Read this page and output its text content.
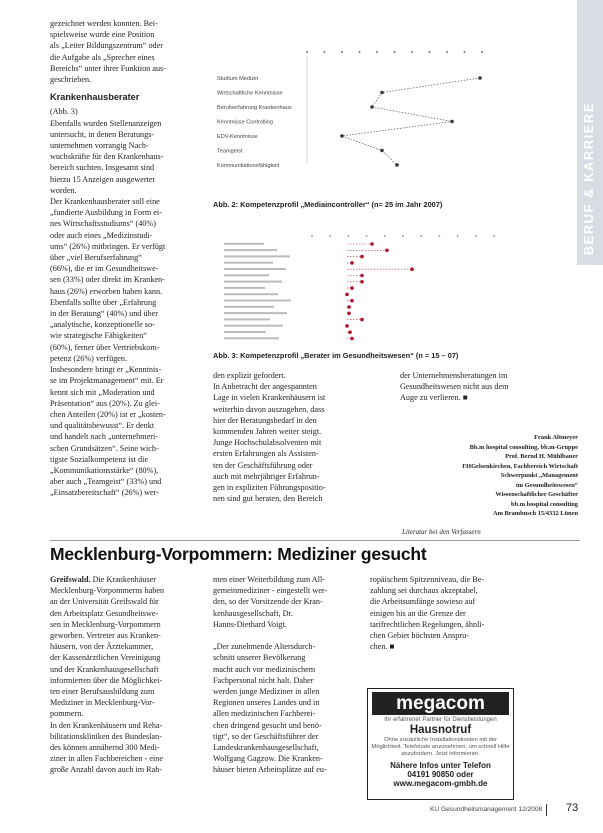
BERUF & KARRIERE
gezeichnet werden konnten. Bei-
spielsweise wurde eine Position
als „Leiter Bildungszentrum“ oder
die Aufgabe als „Sprecher eines
Bereichs“ unter ihrer Funktion aus-
geschrieben.
Krankenhausberater
(Abb. 3)
Ebenfalls wurden Stellenanzeigen
untersucht, in denen Beratungs-
unternehmen vorrangig Nach-
wuchskräfte für den Krankenhaus-
bereich suchten. Insgesamt sind
hierzu 15 Anzeigen ausgewertet
worden.
Der Krankenhausberater soll eine
„fundierte Ausbildung in Form ei-
nes Wirtschaftsstudiums“ (40%)
oder auch eines „Medizinstudi-
ums“ (26%) mitbringen. Er verfügt
über „viel Berufserfahrung“
(66%), die er im Gesundheitswe-
sen (33%) oder direkt im Kranken-
haus (26%) erworben haben kann.
Ebenfalls sollte über „Erfahrung
in der Beratung“ (40%) und über
„analytische, konzeptionelle so-
wie strategische Fähigkeiten“
(60%), ferner über Vertriebskom-
petenz (26%) verfügen.
Insbesondere bringt er „Kenntnis-
se im Projektmanagement“ mit. Er
kennt sich mit „Moderation und
Präsentation“ aus (20%). Zu glei-
chen Anteilen (20%) ist er „kosten-
und qualitätsbewusst“. Er denkt
und handelt nach „unternehmeri-
schen Grundsätzen“. Seine wich-
tigste Sozialkompetenz ist die
„Kommunikationsstärke“ (80%),
aber auch „Teamgeist“ (33%) und
„Einsatzbereitschaft“ (26%) wer-
Studium Medizin
Wirtschaftliche Kenntnisse
Berufserfahrung Krankenhaus
Kenntnisse Controlling
EDV-Kenntnisse
Teamgeist
Kommunikationsfähigkeit
Abb. 2: Kompetenzprofil „Mediaincontroller“ (n= 25 im Jahr 2007)
Abb. 3: Kompetenzprofil „Berater im Gesundheitswesen“ (n = 15 – 07)
den explizit gefordert.
In Anbetracht der angespannten
Lage in vielen Krankenhäusern ist
weiterhin davon auszugehen, dass
hier der Beratungsbedarf in den
kommenden Jahren weiter steigt.
Junge Hochschulabsolventen mit
ersten Erfahrungen als Assisten-
ten der Geschäftsführung oder
auch mit mehrjähriger Erfahrun-
gen in expliziten Führungspositio-
nen sind gut beraten, den Bereich
der Unternehmensberatungen im
Gesundheitswesen nicht aus dem
Auge zu verlieren. ■
Frank Altmeyer
Bb.m hospital consulting, bb.m-Gruppe
Prof. Bernd H. Mühlbauer
FHGelsenkirchen, Fachbereich Wirtschaft
Schwerpunkt „Management
im Gesundheitswesen“
Wissenschaftlicher Geschäfter
bb.m hospital consulting
Am Brambusch 15/4332 Lünen
Literatur bei den Verfassern
Mecklenburg-Vorpommern: Mediziner gesucht

Greifswald. Die Krankenhäuser

Mecklenburg-Vorpommerns haben
an der Universität Greifswald für
den Arbeitsplatz Gesundheitswe-
sen in Mecklenburg-Vorpommern
geworben. Vertreter aus Kranken-
häusern, von der Ärztekammer,
der Kassenärztlichen Vereinigung
und der Krankenhausgesellschaft
informierten über die Möglichkei-
ten einer Berufsausbildung zum
Mediziner in Mecklenburg-Vor-
pommern.
In den Krankenhäusern und Reha-
bilitationskliniken des Bundeslan-
des können annähernd 300 Medi-
ziner in allen Fachbereichen - eine
große Anzahl davon auch im Rah-
men einer Weiterbildung zum All-
gemeinmediziner - eingestellt wer-
den, so der Vorsitzende der Kran-
kenhausgesellschaft, Dr.
Hanns-Diethard Voigt.

„Der zunehmende Altersdurch-
schnitt unserer Bevölkerung
macht auch vor medizinischem
Fachpersonal nicht halt. Daher
werden junge Mediziner in allen
Regionen unseres Landes und in
allen medizinischen Fachberei-
chen dringend gesucht und benö-
tigt“, so der Geschäftsführer der
Landeskrankenhausgesellschaft,
Wolfgang Gagzow. Die Kranken-
häuser bieten Arbeitsplätze auf eu-
ropäischem Spitzenniveau, die Be-
zahlung sei durchaus akzeptabel,
die Arbeitsumfänge sowieso auf
einigen bis an die Grenze der
tarifrechtlichen Regelungen, ähnli-
chen Gebiet höchsten Anspru-
chen. ■
megacom
Ihr erfahrener Partner für Dienstleistungen
Hausnotruf
Ohne zusätzliche Installationskosten mit der Möglichkeit. Telefonate anzunehmen, um schnell Hilfe anzufordern. Jetzt informieren.
Nähere Infos unter Telefon
04191 90850 oder
www.megacom-gmbh.de
KU Gesundheitsmanagement 12/2008 73
